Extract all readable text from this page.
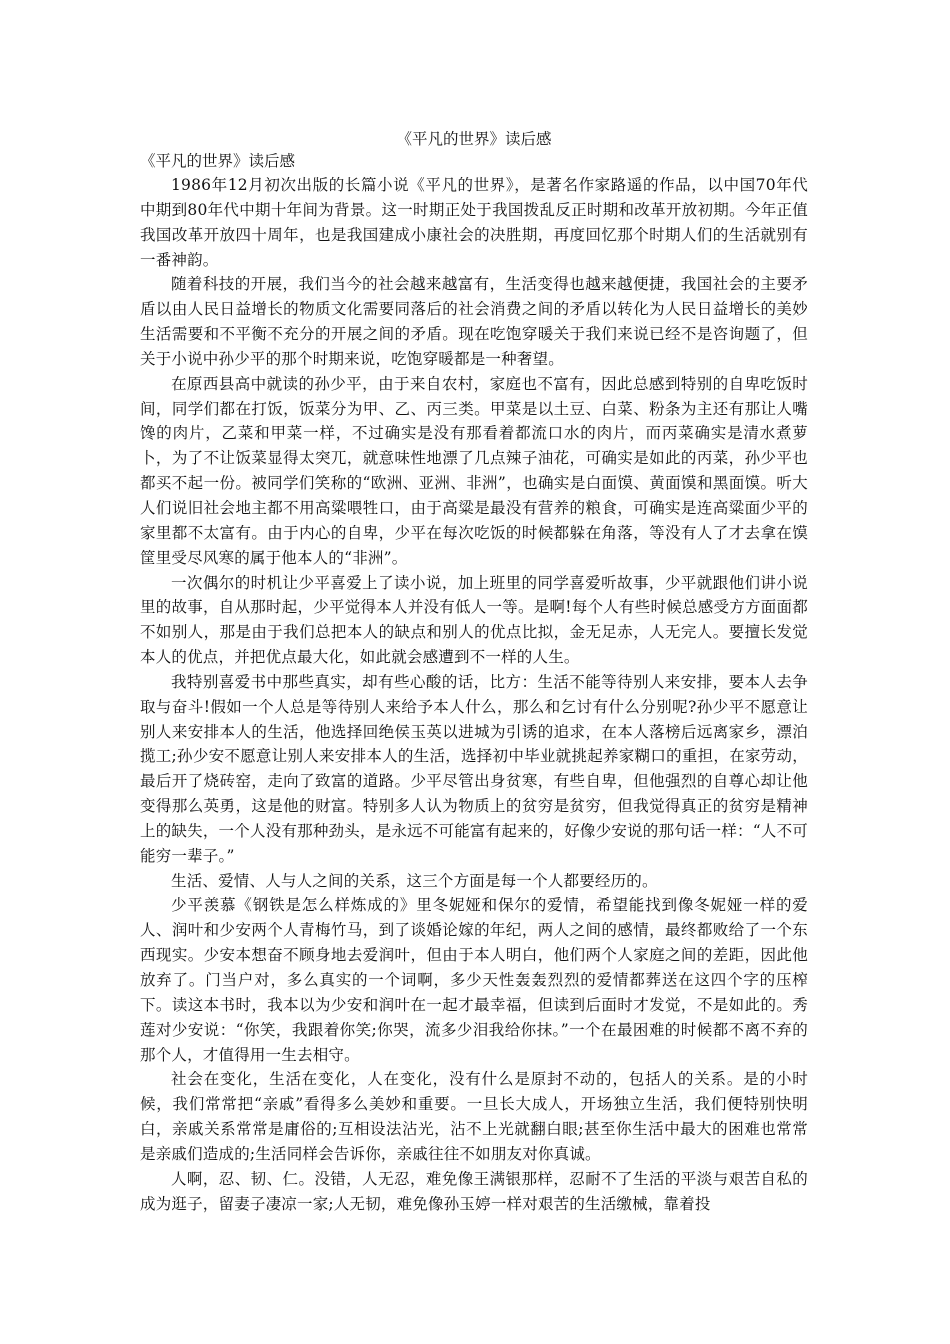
《平凡的世界》读后感
《平凡的世界》读后感

1986年12月初次出版的长篇小说《平凡的世界》，是著名作家路遥的作品，以中国70年代中期到80年代中期十年间为背景。这一时期正处于我国拨乱反正时期和改革开放初期。今年正值我国改革开放四十周年，也是我国建成小康社会的决胜期，再度回忆那个时期人们的生活就别有一番神韵。

随着科技的开展，我们当今的社会越来越富有，生活变得也越来越便捷，我国社会的主要矛盾以由人民日益增长的物质文化需要同落后的社会消费之间的矛盾以转化为人民日益增长的美妙生活需要和不平衡不充分的开展之间的矛盾。现在吃饱穿暖关于我们来说已经不是咨询题了，但关于小说中孙少平的那个时期来说，吃饱穿暖都是一种奢望。

在原西县高中就读的孙少平，由于来自农村，家庭也不富有，因此总感到特别的自卑吃饭时间，同学们都在打饭，饭菜分为甲、乙、丙三类。甲菜是以土豆、白菜、粉条为主还有那让人嘴馋的肉片，乙菜和甲菜一样，不过确实是没有那看着都流口水的肉片，而丙菜确实是清水煮萝卜，为了不让饭菜显得太突兀，就意味性地漂了几点辣子油花，可确实是如此的丙菜，孙少平也都买不起一份。被同学们笑称的“欧洲、亚洲、非洲”，也确实是白面馍、黄面馍和黑面馍。听大人们说旧社会地主都不用高粱喂牲口，由于高粱是最没有营养的粮食，可确实是连高粱面少平的家里都不太富有。由于内心的自卑，少平在每次吃饭的时候都躲在角落，等没有人了才去拿在馍筐里受尽风寒的属于他本人的“非洲”。

一次偶尔的时机让少平喜爱上了读小说，加上班里的同学喜爱听故事，少平就跟他们讲小说里的故事，自从那时起，少平觉得本人并没有低人一等。是啊!每个人有些时候总感受方方面面都不如别人，那是由于我们总把本人的缺点和别人的优点比拟，金无足赤，人无完人。要擅长发觉本人的优点，并把优点最大化，如此就会感遭到不一样的人生。

我特别喜爱书中那些真实，却有些心酸的话，比方：生活不能等待别人来安排，要本人去争取与奋斗!假如一个人总是等待别人来给予本人什么，那么和乞讨有什么分别呢?孙少平不愿意让别人来安排本人的生活，他选择回绝侯玉英以进城为引诱的追求，在本人落榜后远离家乡，漂泊揽工;孙少安不愿意让别人来安排本人的生活，选择初中毕业就挑起养家糊口的重担，在家劳动，最后开了烧砖窑，走向了致富的道路。少平尽管出身贫寒，有些自卑，但他强烈的自尊心却让他变得那么英勇，这是他的财富。特别多人认为物质上的贫穷是贫穷，但我觉得真正的贫穷是精神上的缺失，一个人没有那种劲头，是永远不可能富有起来的，好像少安说的那句话一样：“人不可能穷一辈子。”

生活、爱情、人与人之间的关系，这三个方面是每一个人都要经历的。

少平羡慕《钢铁是怎么样炼成的》里冬妮娅和保尔的爱情，希望能找到像冬妮娅一样的爱人、润叶和少安两个人青梅竹马，到了谈婚论嫁的年纪，两人之间的感情，最终都败给了一个东西现实。少安本想奋不顾身地去爱润叶，但由于本人明白，他们两个人家庭之间的差距，因此他放弃了。门当户对，多么真实的一个词啊，多少天性轰轰烈烈的爱情都葬送在这四个字的压榨下。读这本书时，我本以为少安和润叶在一起才最幸福，但读到后面时才发觉，不是如此的。秀莲对少安说：“你笑，我跟着你笑;你哭，流多少泪我给你抹。”一个在最困难的时候都不离不弃的那个人，才值得用一生去相守。

社会在变化，生活在变化，人在变化，没有什么是原封不动的，包括人的关系。是的小时候，我们常常把“亲戚”看得多么美妙和重要。一旦长大成人，开场独立生活，我们便特别快明白，亲戚关系常常是庸俗的;互相设法沾光，沾不上光就翻白眼;甚至你生活中最大的困难也常常是亲戚们造成的;生活同样会告诉你，亲戚往往不如朋友对你真诚。

人啊，忍、韧、仁。没错，人无忍，难免像王满银那样，忍耐不了生活的平淡与艰苦自私的成为逛子，留妻子凄凉一家;人无韧，难免像孙玉婷一样对艰苦的生活缴械，靠着投
